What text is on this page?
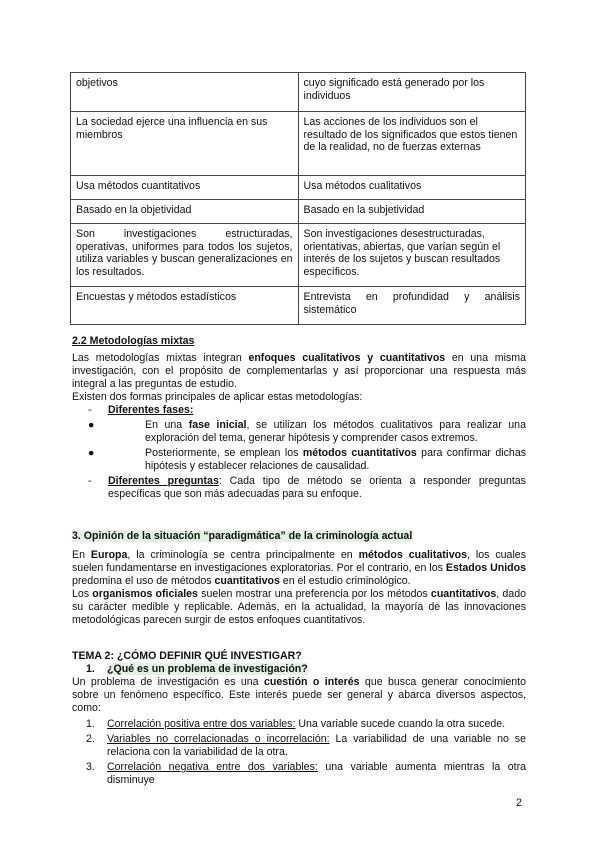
objetivos	cuyo significado está generado por los individuos
La sociedad ejerce una influencia en sus miembros	Las acciones de los individuos son el resultado de los significados que estos tienen de la realidad, no de fuerzas externas
Usa métodos cuantitativos	Usa métodos cualitativos
Basado en la objetividad	Basado en la subjetividad
Son investigaciones estructuradas, operativas, uniformes para todos los sujetos, utiliza variables y buscan generalizaciones en los resultados.	Son investigaciones desestructuradas, orientativas, abiertas, que varían según el interés de los sujetos y buscan resultados específicos.
Encuestas y métodos estadísticos	Entrevista en profundidad y análisis sistemático
2.2 Metodologías mixtas
Las metodologías mixtas integran enfoques cualitativos y cuantitativos en una misma investigación, con el propósito de complementarlas y así proporcionar una respuesta más integral a las preguntas de estudio.
Existen dos formas principales de aplicar estas metodologías:
- Diferentes fases:
●	En una fase inicial, se utilizan los métodos cualitativos para realizar una exploración del tema, generar hipótesis y comprender casos extremos.
●	Posteriormente, se emplean los métodos cuantitativos para confirmar dichas hipótesis y establecer relaciones de causalidad.
- Diferentes preguntas: Cada tipo de método se orienta a responder preguntas específicas que son más adecuadas para su enfoque.
3. Opinión de la situación “paradigmática” de la criminología actual
En Europa, la criminología se centra principalmente en métodos cualitativos, los cuales suelen fundamentarse en investigaciones exploratorias. Por el contrario, en los Estados Unidos predomina el uso de métodos cuantitativos en el estudio criminológico.
Los organismos oficiales suelen mostrar una preferencia por los métodos cuantitativos, dado su carácter medible y replicable. Además, en la actualidad, la mayoría de las innovaciones metodológicas parecen surgir de estos enfoques cuantitativos.
TEMA 2: ¿CÓMO DEFINIR QUÉ INVESTIGAR?
1. ¿Qué es un problema de investigación?
Un problema de investigación es una cuestión o interés que busca generar conocimiento sobre un fenómeno específico. Este interés puede ser general y abarca diversos aspectos, como:
1. Correlación positiva entre dos variables: Una variable sucede cuando la otra sucede.
2. Variables no correlacionadas o incorrelación: La variabilidad de una variable no se relaciona con la variabilidad de la otra.
3. Correlación negativa entre dos variables: una variable aumenta mientras la otra disminuye
2
